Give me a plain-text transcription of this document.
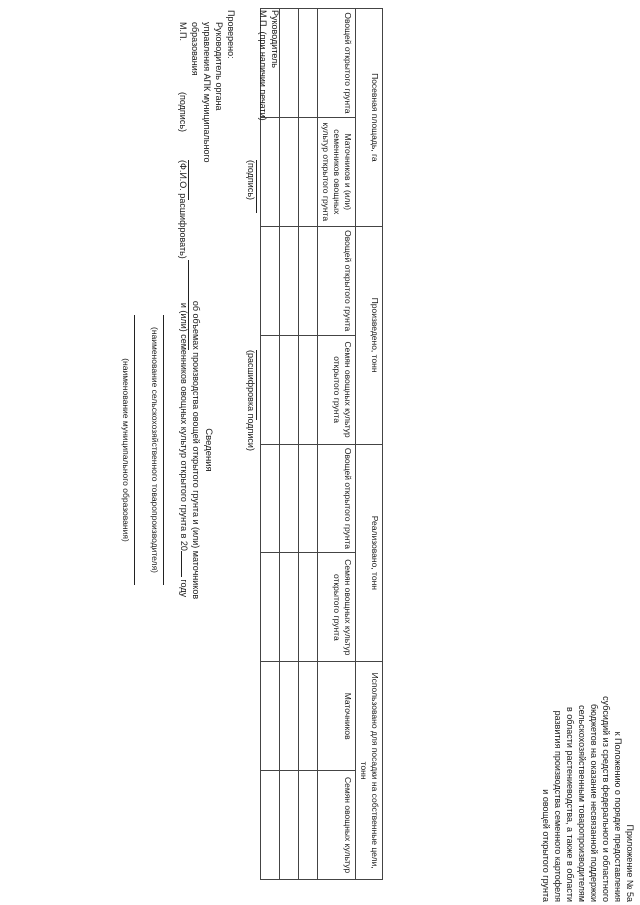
Приложение № 5а
к Положению о порядке предоставления
субсидий из средств федерального и областного
бюджетов на оказание несвязанной поддержки
сельскохозяйственным товаропроизводителям
в области растениеводства, а также в области
развития производства семенного картофеля
и овощей открытого грунта
Сведения
об объемах производства овощей открытого грунта и (или) маточников
и (или) семенников овощных культур открытого грунта в 20 году
(наименование сельскохозяйственного товаропроизводителя)
(наименование муниципального образования)
Посевная площадь, га		Произведено, тонн		Реализовано, тонн		Использовано для посадки на собственные цели, тонн	
Овощей открытого грунта	Маточников и (или) семенников овощных культур открытого грунта	Овощей открытого грунта	Семян овощных культур открытого грунта	Овощей открытого грунта	Семян овощных культур открытого грунта	Маточников	Семян овощных культур

Руководитель
М.П. (при наличии печати)

(подпись)
(расшифровка подписи)
Проверено:
Руководитель органа
управления АПК муниципального
образования

М.П.
(подпись)
(Ф.И.О. расшифровать)
